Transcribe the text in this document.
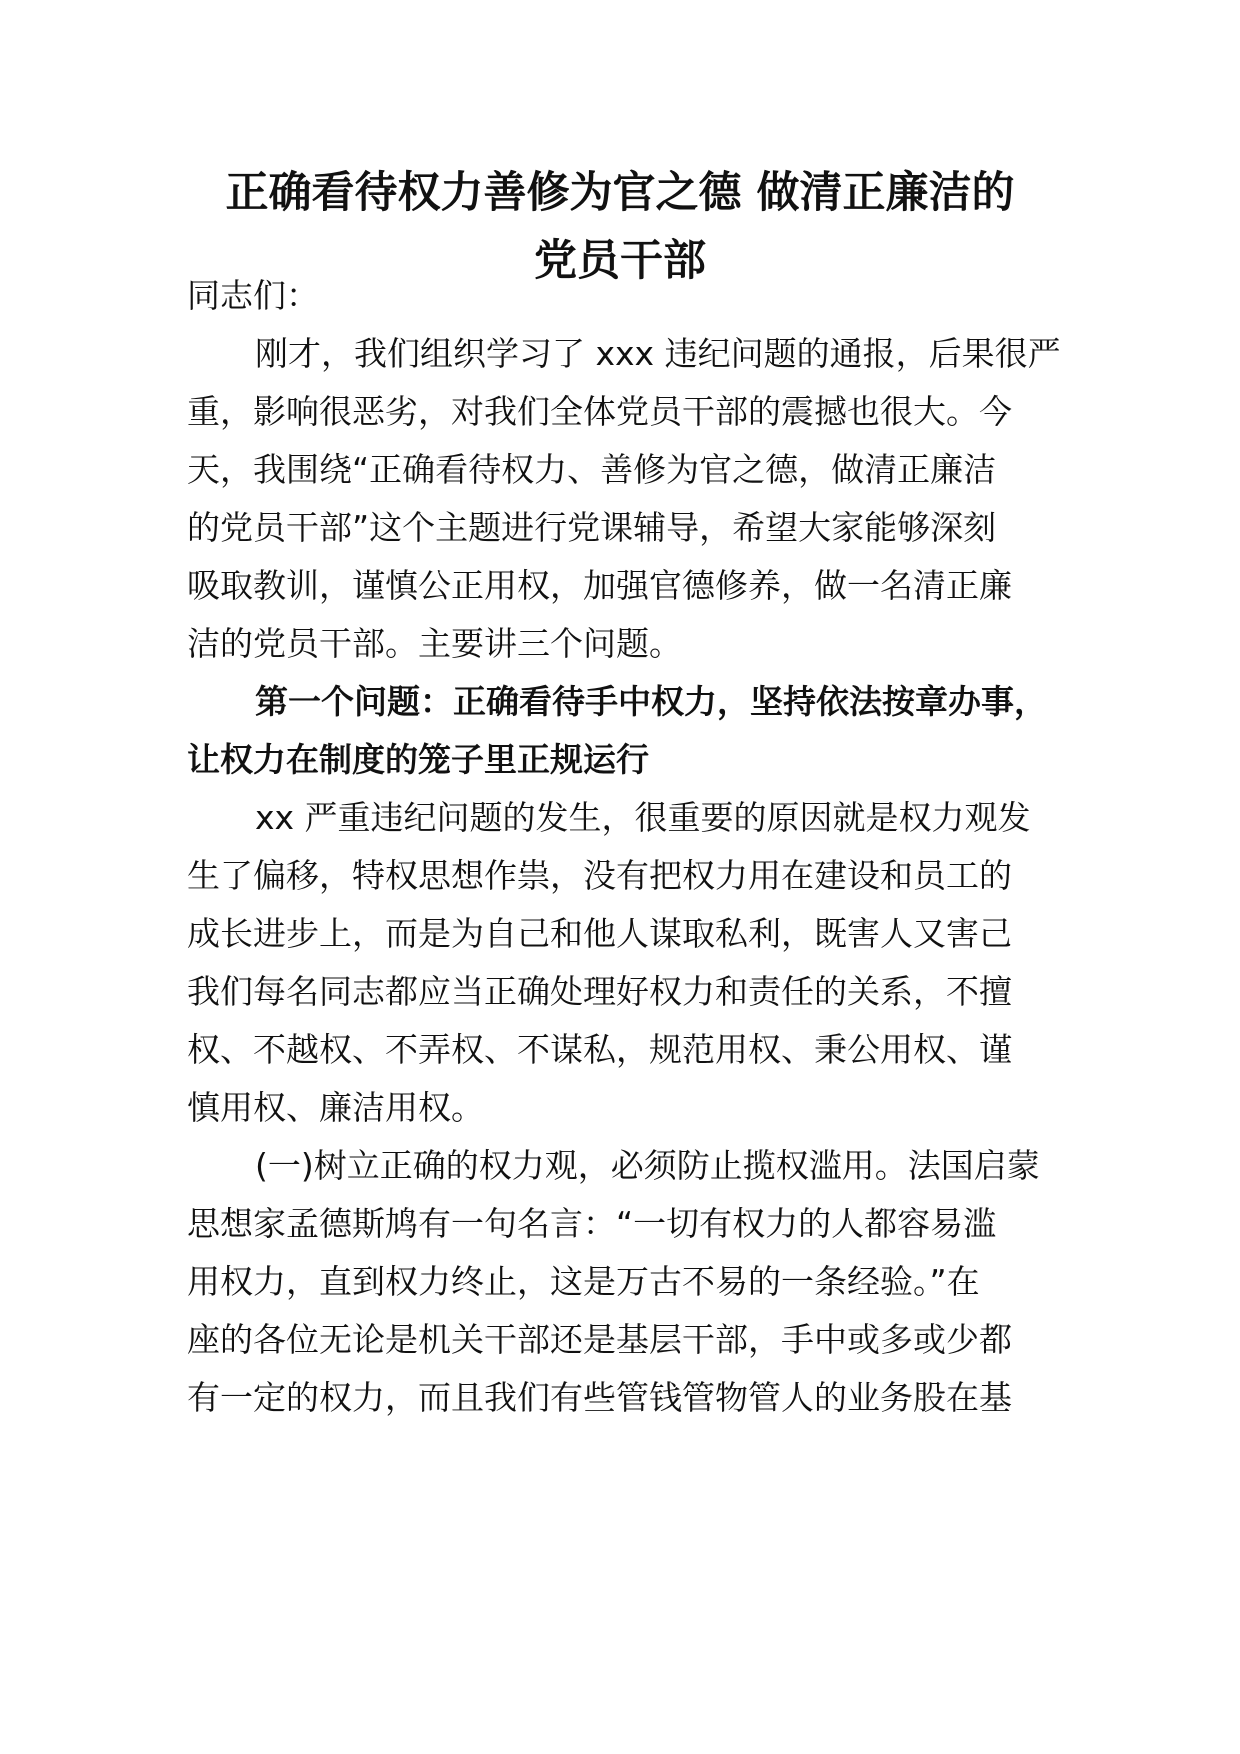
正确看待权力善修为官之德 做清正廉洁的
党员干部

同志们：

刚才，我们组织学习了 xxx 违纪问题的通报，后果很严

重，影响很恶劣，对我们全体党员干部的震撼也很大。今

天，我围绕“正确看待权力、善修为官之德，做清正廉洁

的党员干部”这个主题进行党课辅导，希望大家能够深刻

吸取教训，谨慎公正用权，加强官德修养，做一名清正廉

洁的党员干部。主要讲三个问题。

第一个问题：正确看待手中权力，坚持依法按章办事，

让权力在制度的笼子里正规运行

xx 严重违纪问题的发生，很重要的原因就是权力观发

生了偏移，特权思想作祟，没有把权力用在建设和员工的

成长进步上，而是为自己和他人谋取私利，既害人又害己

我们每名同志都应当正确处理好权力和责任的关系，不擅

权、不越权、不弄权、不谋私，规范用权、秉公用权、谨

慎用权、廉洁用权。

(一)树立正确的权力观，必须防止揽权滥用。法国启蒙

思想家孟德斯鸠有一句名言：“一切有权力的人都容易滥

用权力，直到权力终止，这是万古不易的一条经验。”在

座的各位无论是机关干部还是基层干部，手中或多或少都

有一定的权力，而且我们有些管钱管物管人的业务股在基
